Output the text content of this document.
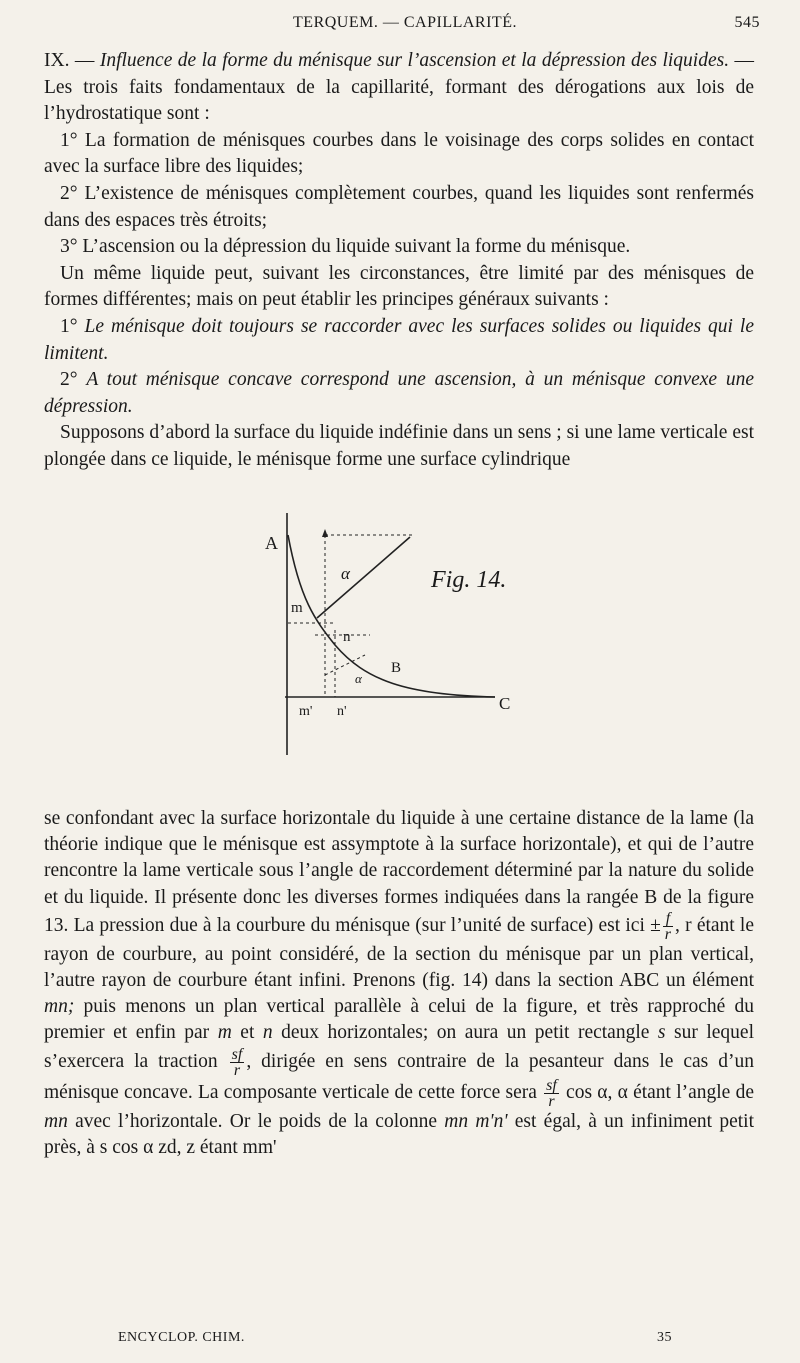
TERQUEM. — CAPILLARITÉ.	545

IX. — Influence de la forme du ménisque sur l’ascension et la dépression des liquides. — Les trois faits fondamentaux de la capillarité, formant des dérogations aux lois de l’hydrostatique sont :

1° La formation de ménisques courbes dans le voisinage des corps solides en contact avec la surface libre des liquides;

2° L’existence de ménisques complètement courbes, quand les liquides sont renfermés dans des espaces très étroits;

3° L’ascension ou la dépression du liquide suivant la forme du ménisque.

Un même liquide peut, suivant les circonstances, être limité par des ménisques de formes différentes; mais on peut établir les principes généraux suivants :

1° Le ménisque doit toujours se raccorder avec les surfaces solides ou liquides qui le limitent.

2° A tout ménisque concave correspond une ascension, à un ménisque convexe une dépression.

Supposons d’abord la surface du liquide indéfinie dans un sens ; si une lame verticale est plongée dans ce liquide, le ménisque forme une surface cylindrique

A
m
n
B
C
m' n'
α
α
Fig. 14.

se confondant avec la surface horizontale du liquide à une certaine distance de la lame (la théorie indique que le ménisque est assymptote à la surface horizontale), et qui de l’autre rencontre la lame verticale sous l’angle de raccordement déterminé par la nature du solide et du liquide. Il présente donc les diverses formes indiquées dans la rangée B de la figure 13. La pression due à la courbure du ménisque (sur l’unité de surface) est ici ± $\frac{f}{r}$ , r étant le rayon de courbure, au point considéré, de la section du ménisque par un plan vertical, l’autre rayon de courbure étant infini. Prenons (fig. 14) dans la section ABC un élément mn; puis menons un plan vertical parallèle à celui de la figure, et très rapproché du premier et enfin par m et n deux horizontales; on aura un petit rectangle s sur lequel s’exercera la traction $\frac{sf}{r}$ , dirigée en sens contraire de la pesanteur dans le cas d’un ménisque concave. La composante verticale de cette force sera $\frac{sf}{r}$ cos α, α étant l’angle de mn avec l’horizontale. Or le poids de la colonne mn m'n' est égal, à un infiniment petit près, à s cos α zd, z étant mm'

ENCYCLOP. CHIM.	35
